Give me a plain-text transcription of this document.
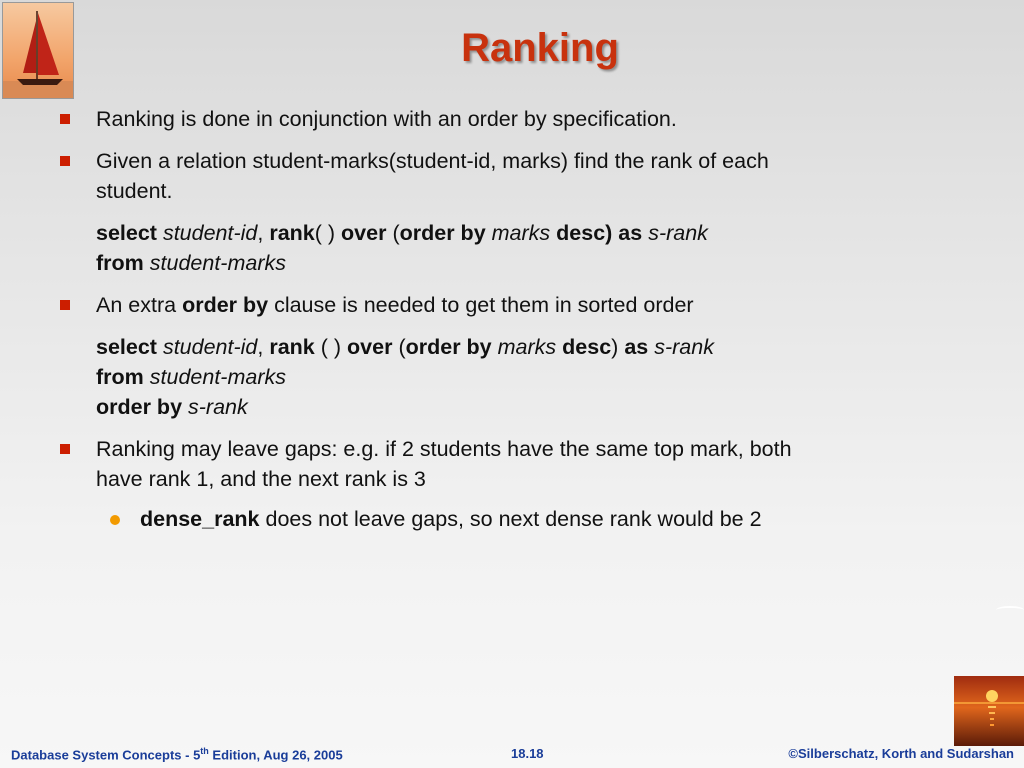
Ranking
Ranking is done in conjunction with an order by specification.
Given a relation student-marks(student-id, marks) find the rank of each
student.
select student-id, rank( ) over (order by marks desc) as s-rank
from student-marks
An extra order by clause is needed to get them in sorted order
select student-id, rank ( ) over (order by marks desc) as s-rank
from student-marks
order by s-rank
Ranking may leave gaps: e.g. if 2 students have the same top mark, both
have rank 1, and the next rank is 3
dense_rank does not leave gaps, so next dense rank would be 2
Database System Concepts - 5th Edition, Aug 26, 2005	18.18	©Silberschatz, Korth and Sudarshan
